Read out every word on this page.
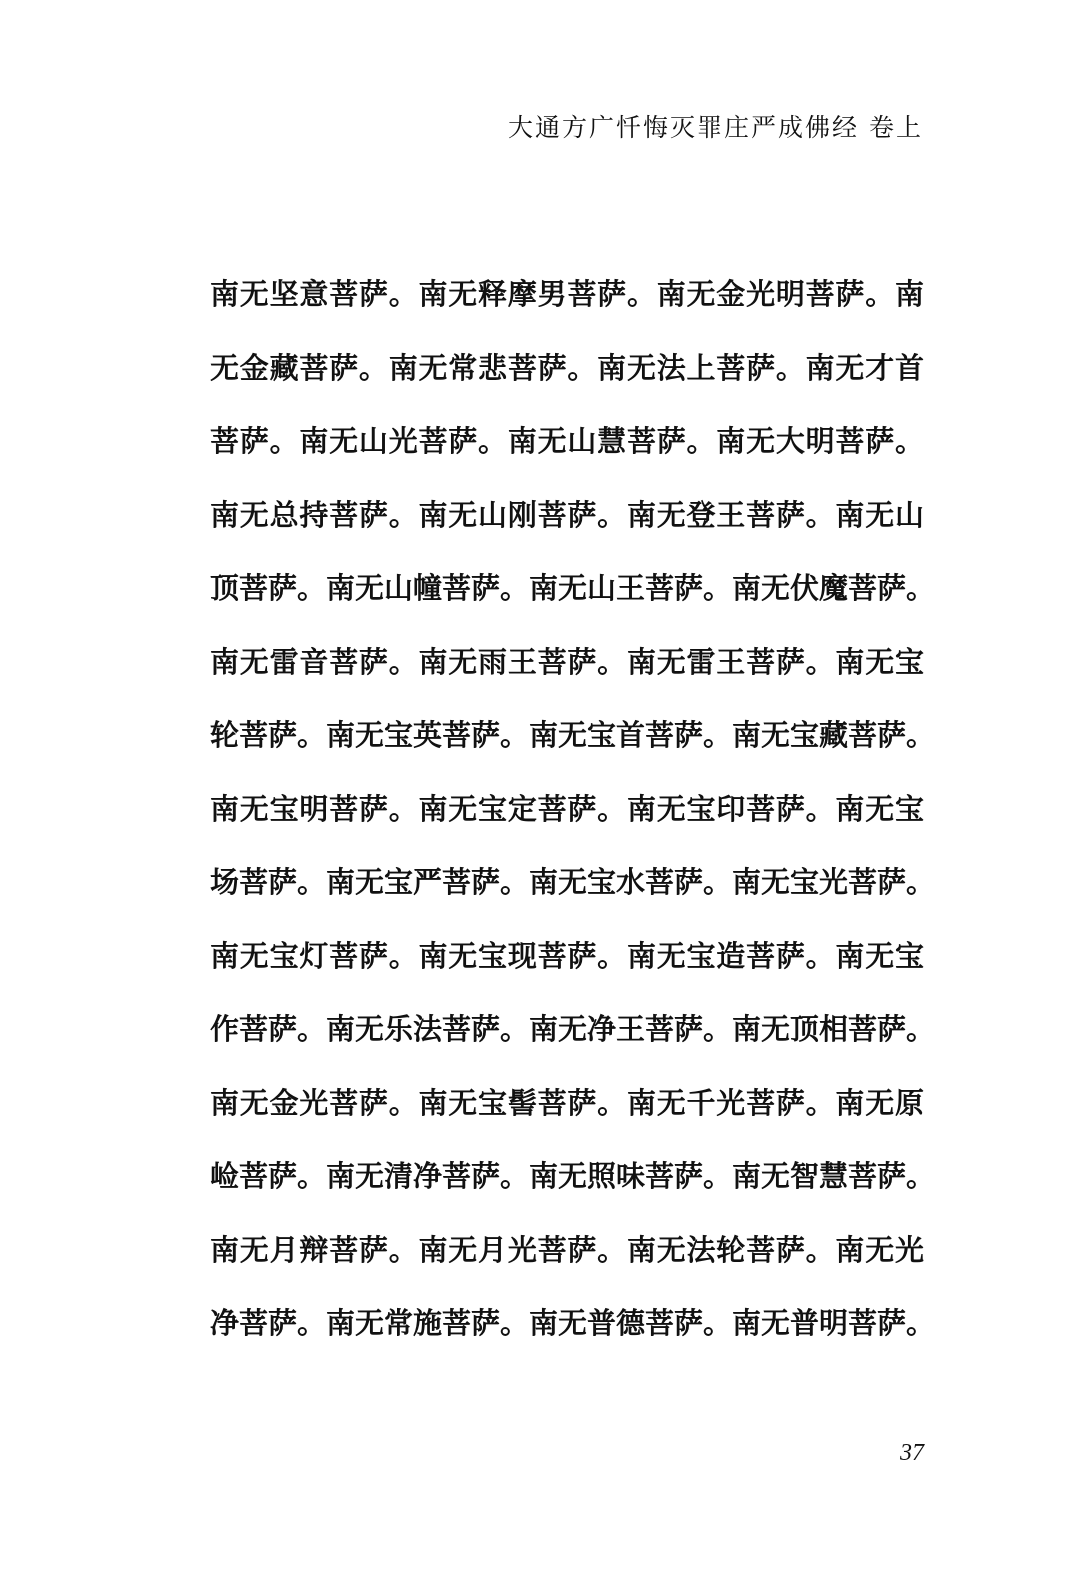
大通方广忏悔灭罪庄严成佛经 卷上
南无坚意菩萨。南无释摩男菩萨。南无金光明菩萨。南
无金藏菩萨。南无常悲菩萨。南无法上菩萨。南无才首
菩萨。南无山光菩萨。南无山慧菩萨。南无大明菩萨。
南无总持菩萨。南无山刚菩萨。南无登王菩萨。南无山
顶菩萨。南无山幢菩萨。南无山王菩萨。南无伏魔菩萨。
南无雷音菩萨。南无雨王菩萨。南无雷王菩萨。南无宝
轮菩萨。南无宝英菩萨。南无宝首菩萨。南无宝藏菩萨。
南无宝明菩萨。南无宝定菩萨。南无宝印菩萨。南无宝
场菩萨。南无宝严菩萨。南无宝水菩萨。南无宝光菩萨。
南无宝灯菩萨。南无宝现菩萨。南无宝造菩萨。南无宝
作菩萨。南无乐法菩萨。南无净王菩萨。南无顶相菩萨。
南无金光菩萨。南无宝髻菩萨。南无千光菩萨。南无原
崄菩萨。南无清净菩萨。南无照味菩萨。南无智慧菩萨。
南无月辩菩萨。南无月光菩萨。南无法轮菩萨。南无光
净菩萨。南无常施菩萨。南无普德菩萨。南无普明菩萨。
37
